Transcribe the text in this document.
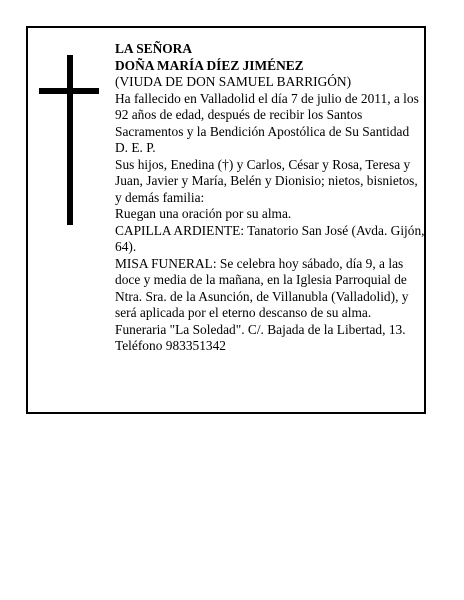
LA SEÑORA

DOÑA MARÍA DÍEZ JIMÉNEZ

(VIUDA DE DON SAMUEL BARRIGÓN)

Ha fallecido en Valladolid el día 7 de julio de 2011, a los 92 años de edad, después de recibir los Santos Sacramentos y la Bendición Apostólica de Su Santidad D. E. P.

Sus hijos, Enedina (†) y Carlos, César y Rosa, Teresa y Juan, Javier y María, Belén y Dionisio; nietos, bisnietos, y demás familia:

Ruegan una oración por su alma.

CAPILLA ARDIENTE: Tanatorio San José (Avda. Gijón, 64).

MISA FUNERAL: Se celebra hoy sábado, día 9, a las doce y media de la mañana, en la Iglesia Parroquial de Ntra. Sra. de la Asunción, de Villanubla (Valladolid), y será aplicada por el eterno descanso de su alma.

Funeraria "La Soledad". C/. Bajada de la Libertad, 13. Teléfono 983351342
